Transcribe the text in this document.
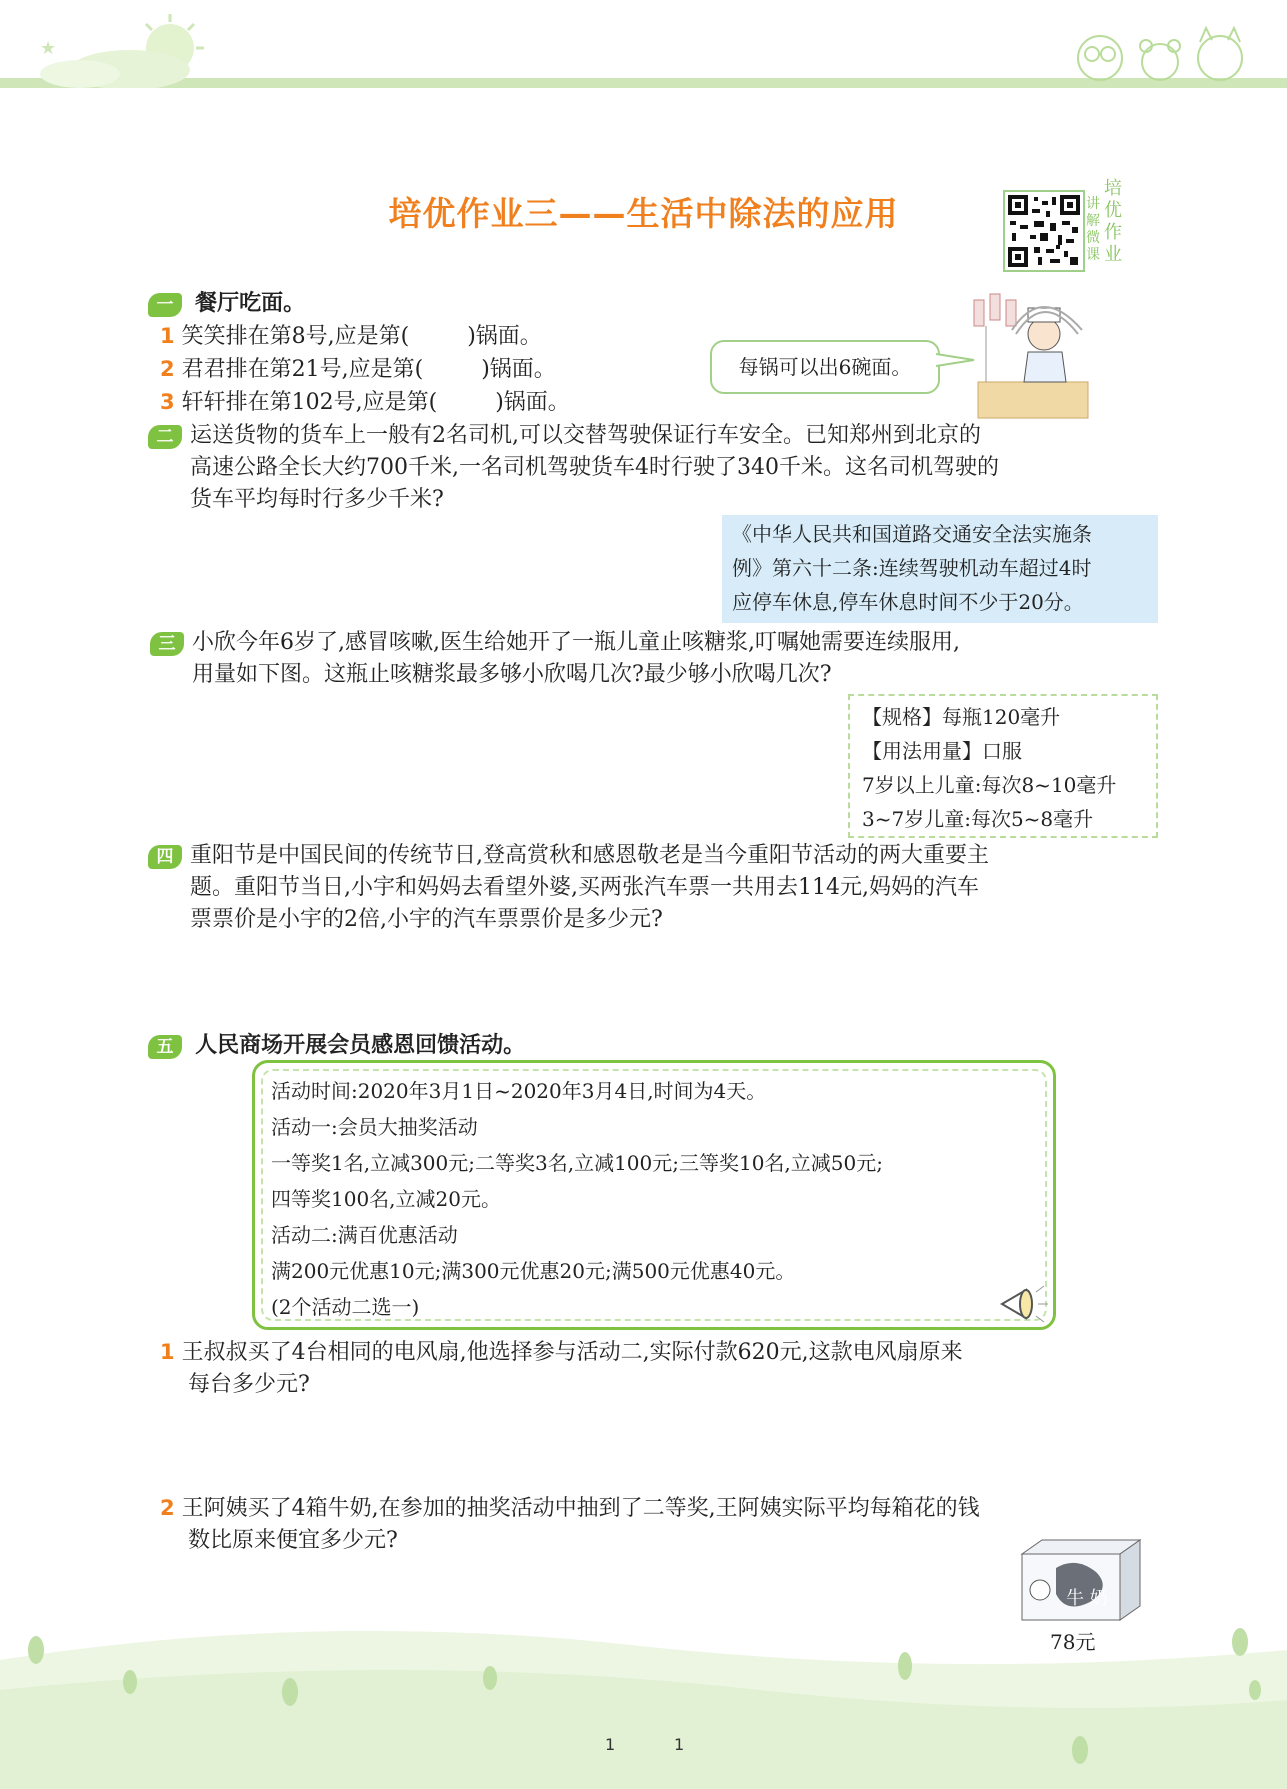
★
培优作业三——生活中除法的应用
培
优
作
业
讲
解
微
课
一 餐厅吃面。
1 笑笑排在第8号,应是第(	)锅面。
2 君君排在第21号,应是第(	)锅面。
3 轩轩排在第102号,应是第(	)锅面。
每锅可以出6碗面。
二 运送货物的货车上一般有2名司机,可以交替驾驶保证行车安全。已知郑州到北京的
高速公路全长大约700千米,一名司机驾驶货车4时行驶了340千米。这名司机驾驶的
货车平均每时行多少千米?
《中华人民共和国道路交通安全法实施条
例》第六十二条:连续驾驶机动车超过4时
应停车休息,停车休息时间不少于20分。
三 小欣今年6岁了,感冒咳嗽,医生给她开了一瓶儿童止咳糖浆,叮嘱她需要连续服用,
用量如下图。这瓶止咳糖浆最多够小欣喝几次?最少够小欣喝几次?
【规格】每瓶120毫升
【用法用量】口服
7岁以上儿童:每次8~10毫升
3~7岁儿童:每次5~8毫升
四 重阳节是中国民间的传统节日,登高赏秋和感恩敬老是当今重阳节活动的两大重要主
题。重阳节当日,小宇和妈妈去看望外婆,买两张汽车票一共用去114元,妈妈的汽车
票票价是小宇的2倍,小宇的汽车票票价是多少元?
五 人民商场开展会员感恩回馈活动。
活动时间:2020年3月1日~2020年3月4日,时间为4天。
活动一:会员大抽奖活动
一等奖1名,立减300元;二等奖3名,立减100元;三等奖10名,立减50元;
四等奖100名,立减20元。
活动二:满百优惠活动
满200元优惠10元;满300元优惠20元;满500元优惠40元。
(2个活动二选一)
1 王叔叔买了4台相同的电风扇,他选择参与活动二,实际付款620元,这款电风扇原来
每台多少元?
2 王阿姨买了4箱牛奶,在参加的抽奖活动中抽到了二等奖,王阿姨实际平均每箱花的钱
数比原来便宜多少元?
牛 奶
78元
1	1
